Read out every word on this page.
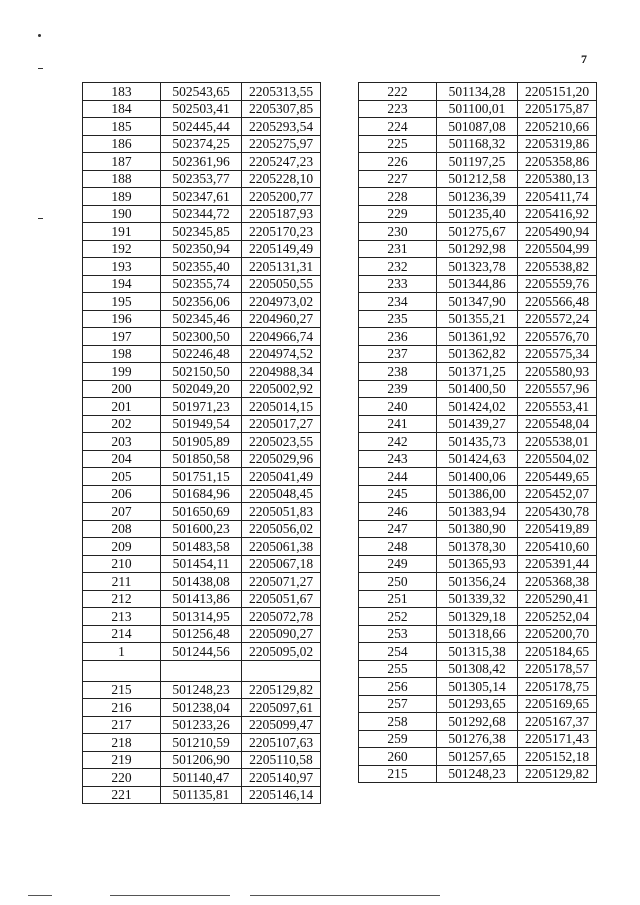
7
183	502543,65	2205313,55
184	502503,41	2205307,85
185	502445,44	2205293,54
186	502374,25	2205275,97
187	502361,96	2205247,23
188	502353,77	2205228,10
189	502347,61	2205200,77
190	502344,72	2205187,93
191	502345,85	2205170,23
192	502350,94	2205149,49
193	502355,40	2205131,31
194	502355,74	2205050,55
195	502356,06	2204973,02
196	502345,46	2204960,27
197	502300,50	2204966,74
198	502246,48	2204974,52
199	502150,50	2204988,34
200	502049,20	2205002,92
201	501971,23	2205014,15
202	501949,54	2205017,27
203	501905,89	2205023,55
204	501850,58	2205029,96
205	501751,15	2205041,49
206	501684,96	2205048,45
207	501650,69	2205051,83
208	501600,23	2205056,02
209	501483,58	2205061,38
210	501454,11	2205067,18
211	501438,08	2205071,27
212	501413,86	2205051,67
213	501314,95	2205072,78
214	501256,48	2205090,27
1	501244,56	2205095,02

215	501248,23	2205129,82
216	501238,04	2205097,61
217	501233,26	2205099,47
218	501210,59	2205107,63
219	501206,90	2205110,58
220	501140,47	2205140,97
221	501135,81	2205146,14
222	501134,28	2205151,20
223	501100,01	2205175,87
224	501087,08	2205210,66
225	501168,32	2205319,86
226	501197,25	2205358,86
227	501212,58	2205380,13
228	501236,39	2205411,74
229	501235,40	2205416,92
230	501275,67	2205490,94
231	501292,98	2205504,99
232	501323,78	2205538,82
233	501344,86	2205559,76
234	501347,90	2205566,48
235	501355,21	2205572,24
236	501361,92	2205576,70
237	501362,82	2205575,34
238	501371,25	2205580,93
239	501400,50	2205557,96
240	501424,02	2205553,41
241	501439,27	2205548,04
242	501435,73	2205538,01
243	501424,63	2205504,02
244	501400,06	2205449,65
245	501386,00	2205452,07
246	501383,94	2205430,78
247	501380,90	2205419,89
248	501378,30	2205410,60
249	501365,93	2205391,44
250	501356,24	2205368,38
251	501339,32	2205290,41
252	501329,18	2205252,04
253	501318,66	2205200,70
254	501315,38	2205184,65
255	501308,42	2205178,57
256	501305,14	2205178,75
257	501293,65	2205169,65
258	501292,68	2205167,37
259	501276,38	2205171,43
260	501257,65	2205152,18
215	501248,23	2205129,82
